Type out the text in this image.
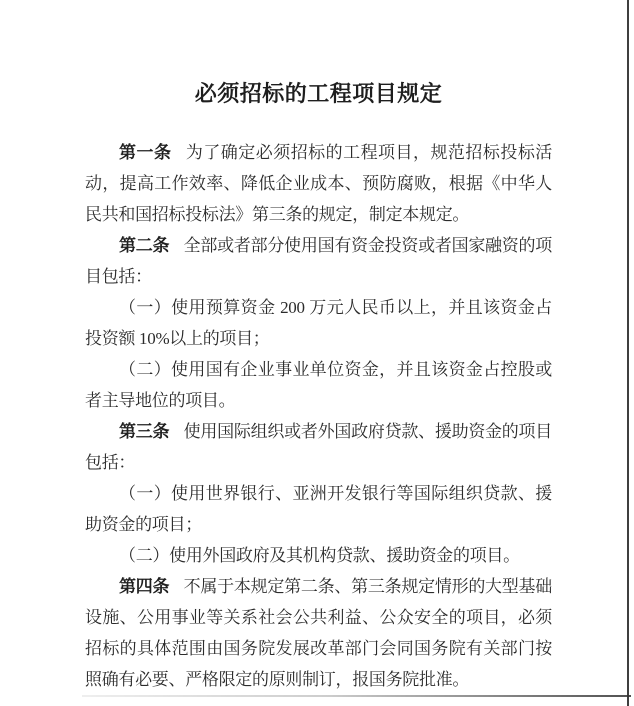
必须招标的工程项目规定

第一条 为了确定必须招标的工程项目，规范招标投标活动，提高工作效率、降低企业成本、预防腐败，根据《中华人民共和国招标投标法》第三条的规定，制定本规定。

第二条 全部或者部分使用国有资金投资或者国家融资的项目包括：

（一）使用预算资金 200 万元人民币以上，并且该资金占投资额 10%以上的项目；

（二）使用国有企业事业单位资金，并且该资金占控股或者主导地位的项目。

第三条 使用国际组织或者外国政府贷款、援助资金的项目包括：

（一）使用世界银行、亚洲开发银行等国际组织贷款、援助资金的项目；

（二）使用外国政府及其机构贷款、援助资金的项目。

第四条 不属于本规定第二条、第三条规定情形的大型基础设施、公用事业等关系社会公共利益、公众安全的项目，必须招标的具体范围由国务院发展改革部门会同国务院有关部门按照确有必要、严格限定的原则制订，报国务院批准。
